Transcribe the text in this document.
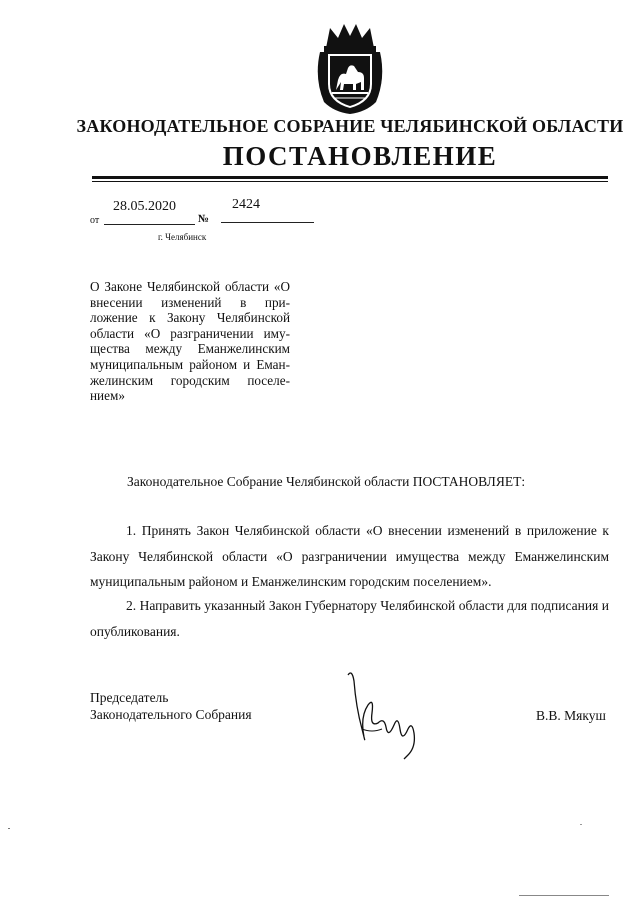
ЗАКОНОДАТЕЛЬНОЕ СОБРАНИЕ ЧЕЛЯБИНСКОЙ ОБЛАСТИ
ПОСТАНОВЛЕНИЕ
28.05.2020	2424
от	№
г. Челябинск
О Законе Челябинской области «О внесении изменений в при-ложение к Закону Челябинской области «О разграничении иму-щества между Еманжелинским муниципальным районом и Еман-желинским городским поселе-нием»
Законодательное Собрание Челябинской области ПОСТАНОВЛЯЕТ:
1. Принять Закон Челябинской области «О внесении изменений в приложение к Закону Челябинской области «О разграничении имущества между Еманжелинским муниципальным районом и Еманжелинским городским поселением».
2. Направить указанный Закон Губернатору Челябинской области для подписания и опубликования.
Председатель
Законодательного Собрания	В.В. Мякуш
